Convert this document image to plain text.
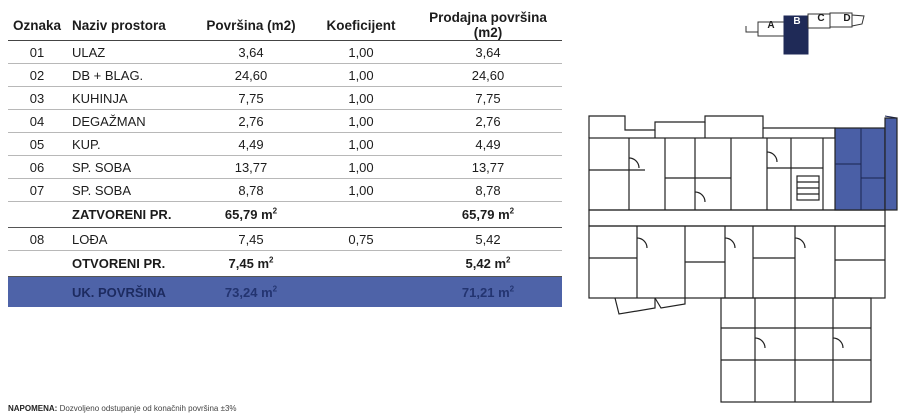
Oznaka	Naziv prostora	Površina (m2)	Koeficijent	Prodajna površina (m2)
01	ULAZ	3,64	1,00	3,64
02	DB + BLAG.	24,60	1,00	24,60
03	KUHINJA	7,75	1,00	7,75
04	DEGAŽMAN	2,76	1,00	2,76
05	KUP.	4,49	1,00	4,49
06	SP. SOBA	13,77	1,00	13,77
07	SP. SOBA	8,78	1,00	8,78
	ZATVORENI PR.	65,79 $m^2$		65,79 $m^2$
08	LOĐA	7,45	0,75	5,42
	OTVORENI PR.	7,45 $m^2$		5,42 $m^2$
	UK. POVRŠINA	73,24 $m^2$		71,21 $m^2$
A	B	C	D
NAPOMENA: Dozvoljeno odstupanje od konačnih površina ±3%
